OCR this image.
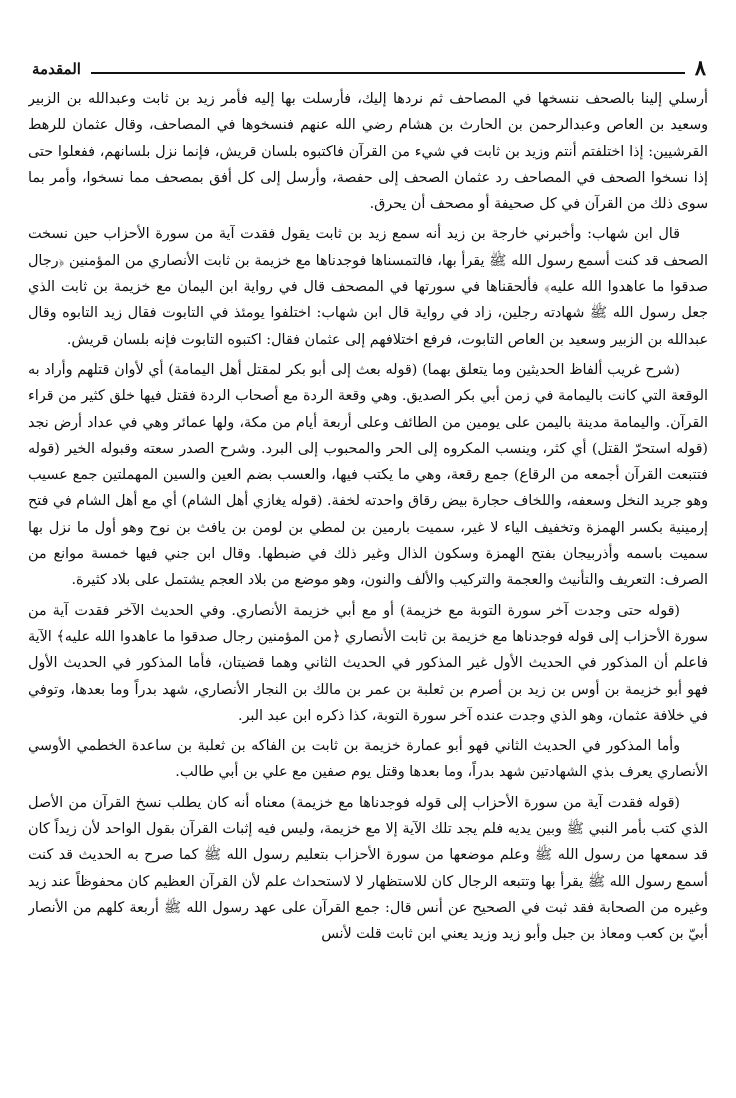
٨
المقدمة

أرسلي إلينا بالصحف ننسخها في المصاحف ثم نردها إليك، فأرسلت بها إليه فأمر زيد بن ثابت وعبدالله بن الزبير وسعيد بن العاص وعبدالرحمن بن الحارث بن هشام رضي الله عنهم فنسخوها في المصاحف، وقال عثمان للرهط القرشيين: إذا اختلفتم أنتم وزيد بن ثابت في شيء من القرآن فاكتبوه بلسان قريش، فإنما نزل بلسانهم، ففعلوا حتى إذا نسخوا الصحف في المصاحف رد عثمان الصحف إلى حفصة، وأرسل إلى كل أفق بمصحف مما نسخوا، وأمر بما سوى ذلك من القرآن في كل صحيفة أو مصحف أن يحرق.

قال ابن شهاب: وأخبرني خارجة بن زيد أنه سمع زيد بن ثابت يقول فقدت آية من سورة الأحزاب حين نسخت الصحف قد كنت أسمع رسول الله ﷺ يقرأ بها، فالتمسناها فوجدناها مع خزيمة بن ثابت الأنصاري من المؤمنين ﴿رجال صدقوا ما عاهدوا الله عليه﴾ فألحقناها في سورتها في المصحف قال في رواية ابن اليمان مع خزيمة بن ثابت الذي جعل رسول الله ﷺ شهادته رجلين، زاد في رواية قال ابن شهاب: اختلفوا يومئذ في التابوت فقال زيد التابوه وقال عبدالله بن الزبير وسعيد بن العاص التابوت، فرفع اختلافهم إلى عثمان فقال: اكتبوه التابوت فإنه بلسان قريش.

(شرح غريب ألفاظ الحديثين وما يتعلق بهما) (قوله بعث إلى أبو بكر لمقتل أهل اليمامة) أي لأوان قتلهم وأراد به الوقعة التي كانت باليمامة في زمن أبي بكر الصديق. وهي وقعة الردة مع أصحاب الردة فقتل فيها خلق كثير من قراء القرآن. واليمامة مدينة باليمن على يومين من الطائف وعلى أربعة أيام من مكة، ولها عمائر وهي في عداد أرض نجد (قوله استحرّ القتل) أي كثر، وينسب المكروه إلى الحر والمحبوب إلى البرد. وشرح الصدر سعته وقبوله الخير (قوله فتتبعت القرآن أجمعه من الرقاع) جمع رقعة، وهي ما يكتب فيها، والعسب بضم العين والسين المهملتين جمع عسيب وهو جريد النخل وسعفه، واللخاف حجارة بيض رقاق واحدته لخفة. (قوله يغازي أهل الشام) أي مع أهل الشام في فتح إرمينية بكسر الهمزة وتخفيف الياء لا غير، سميت بارمين بن لمطي بن لومن بن يافث بن نوح وهو أول ما نزل بها سميت باسمه وأذربيجان بفتح الهمزة وسكون الذال وغير ذلك في ضبطها. وقال ابن جني فيها خمسة موانع من الصرف: التعريف والتأنيث والعجمة والتركيب والألف والنون، وهو موضع من بلاد العجم يشتمل على بلاد كثيرة.

(قوله حتى وجدت آخر سورة التوبة مع خزيمة) أو مع أبي خزيمة الأنصاري. وفي الحديث الآخر فقدت آية من سورة الأحزاب إلى قوله فوجدناها مع خزيمة بن ثابت الأنصاري ﴿من المؤمنين رجال صدقوا ما عاهدوا الله عليه﴾ الآية فاعلم أن المذكور في الحديث الأول غير المذكور في الحديث الثاني وهما قضيتان، فأما المذكور في الحديث الأول فهو أبو خزيمة بن أوس بن زيد بن أصرم بن ثعلبة بن عمر بن مالك بن النجار الأنصاري، شهد بدراً وما بعدها، وتوفي في خلافة عثمان، وهو الذي وجدت عنده آخر سورة التوبة، كذا ذكره ابن عبد البر.

وأما المذكور في الحديث الثاني فهو أبو عمارة خزيمة بن ثابت بن الفاكه بن ثعلبة بن ساعدة الخطمي الأوسي الأنصاري يعرف بذي الشهادتين شهد بدراً، وما بعدها وقتل يوم صفين مع علي بن أبي طالب.

(قوله فقدت آية من سورة الأحزاب إلى قوله فوجدناها مع خزيمة) معناه أنه كان يطلب نسخ القرآن من الأصل الذي كتب بأمر النبي ﷺ وبين يديه فلم يجد تلك الآية إلا مع خزيمة، وليس فيه إثبات القرآن بقول الواحد لأن زيداً كان قد سمعها من رسول الله ﷺ وعلم موضعها من سورة الأحزاب بتعليم رسول الله ﷺ كما صرح به الحديث قد كنت أسمع رسول الله ﷺ يقرأ بها وتتبعه الرجال كان للاستظهار لا لاستحداث علم لأن القرآن العظيم كان محفوظاً عند زيد وغيره من الصحابة فقد ثبت في الصحيح عن أنس قال: جمع القرآن على عهد رسول الله ﷺ أربعة كلهم من الأنصار أبيّ بن كعب ومعاذ بن جبل وأبو زيد وزيد يعني ابن ثابت قلت لأنس
